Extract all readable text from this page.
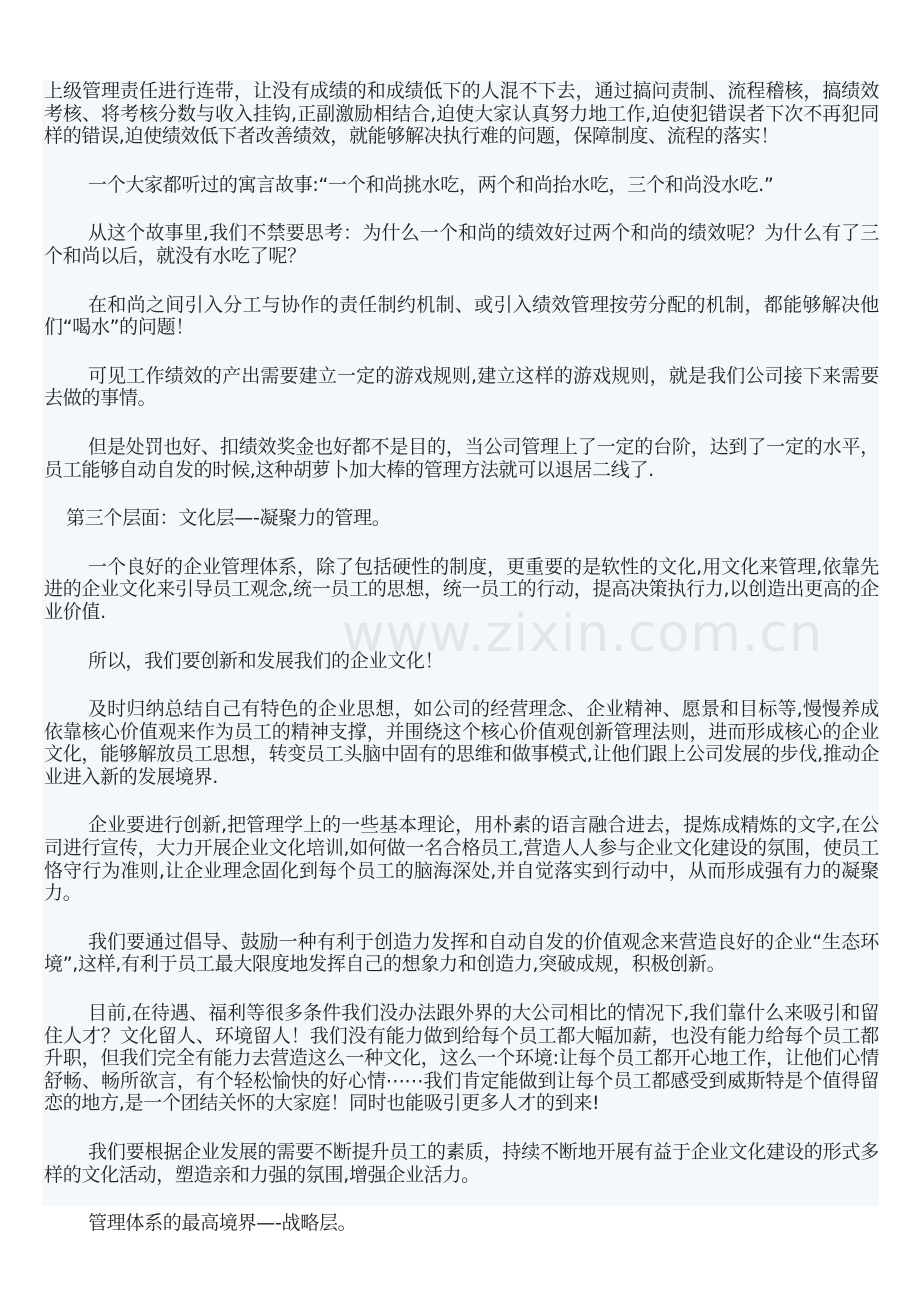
上级管理责任进行连带，让没有成绩的和成绩低下的人混不下去，通过搞问责制、流程稽核，搞绩效考核、将考核分数与收入挂钩,正副激励相结合,迫使大家认真努力地工作,迫使犯错误者下次不再犯同样的错误,迫使绩效低下者改善绩效，就能够解决执行难的问题，保障制度、流程的落实！

一个大家都听过的寓言故事:“一个和尚挑水吃，两个和尚抬水吃，三个和尚没水吃.”

从这个故事里,我们不禁要思考：为什么一个和尚的绩效好过两个和尚的绩效呢？为什么有了三个和尚以后，就没有水吃了呢？

在和尚之间引入分工与协作的责任制约机制、或引入绩效管理按劳分配的机制，都能够解决他们“喝水”的问题！

可见工作绩效的产出需要建立一定的游戏规则,建立这样的游戏规则，就是我们公司接下来需要去做的事情。

但是处罚也好、扣绩效奖金也好都不是目的，当公司管理上了一定的台阶，达到了一定的水平，员工能够自动自发的时候,这种胡萝卜加大棒的管理方法就可以退居二线了.

第三个层面：文化层—-凝聚力的管理。

一个良好的企业管理体系，除了包括硬性的制度，更重要的是软性的文化,用文化来管理,依靠先进的企业文化来引导员工观念,统一员工的思想，统一员工的行动，提高决策执行力,以创造出更高的企业价值.

所以，我们要创新和发展我们的企业文化！

及时归纳总结自己有特色的企业思想，如公司的经营理念、企业精神、愿景和目标等,慢慢养成依靠核心价值观来作为员工的精神支撑，并围绕这个核心价值观创新管理法则，进而形成核心的企业文化，能够解放员工思想，转变员工头脑中固有的思维和做事模式,让他们跟上公司发展的步伐,推动企业进入新的发展境界.

企业要进行创新,把管理学上的一些基本理论，用朴素的语言融合进去，提炼成精炼的文字,在公司进行宣传，大力开展企业文化培训,如何做一名合格员工,营造人人参与企业文化建设的氛围，使员工恪守行为准则,让企业理念固化到每个员工的脑海深处,并自觉落实到行动中，从而形成强有力的凝聚力。

我们要通过倡导、鼓励一种有利于创造力发挥和自动自发的价值观念来营造良好的企业“生态环境”,这样,有利于员工最大限度地发挥自己的想象力和创造力,突破成规，积极创新。

目前,在待遇、福利等很多条件我们没办法跟外界的大公司相比的情况下,我们靠什么来吸引和留住人才？文化留人、环境留人！我们没有能力做到给每个员工都大幅加薪，也没有能力给每个员工都升职，但我们完全有能力去营造这么一种文化，这么一个环境:让每个员工都开心地工作，让他们心情舒畅、畅所欲言，有个轻松愉快的好心情⋯⋯我们肯定能做到让每个员工都感受到威斯特是个值得留恋的地方,是一个团结关怀的大家庭！同时也能吸引更多人才的到来!

我们要根据企业发展的需要不断提升员工的素质，持续不断地开展有益于企业文化建设的形式多样的文化活动，塑造亲和力强的氛围,增强企业活力。

管理体系的最高境界—-战略层。
